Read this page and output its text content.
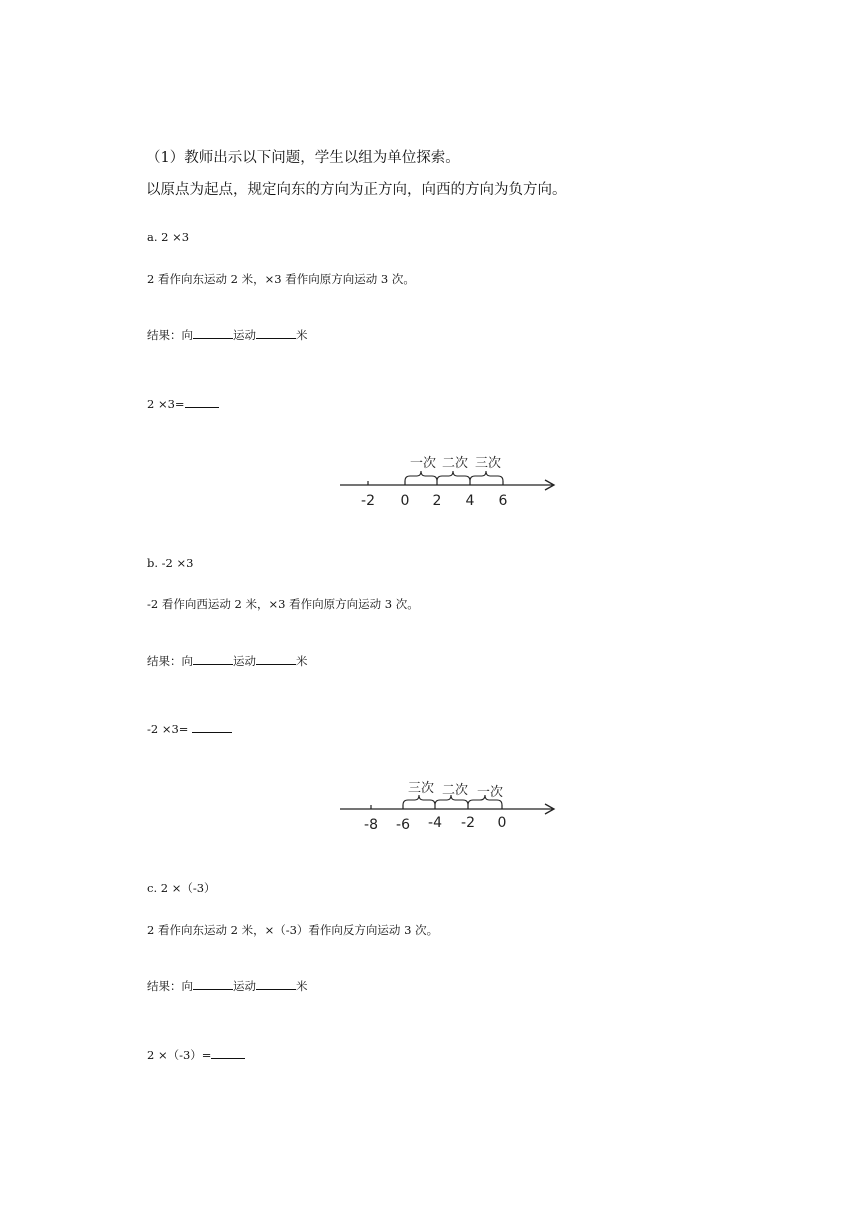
（1）教师出示以下问题，学生以组为单位探索。
以原点为起点，规定向东的方向为正方向，向西的方向为负方向。
a. 2 ×3
2 看作向东运动 2 米，×3 看作向原方向运动 3 次。
结果：向	运动	米
2 ×3=
一次 二次 三次
-2 0 2 4 6
b. -2 ×3
-2 看作向西运动 2 米，×3 看作向原方向运动 3 次。
结果：向	运动	米
-2 ×3=
三次 二次 一次
-8 -6 -4 -2 0
c. 2 ×（-3）
2 看作向东运动 2 米，×（-3）看作向反方向运动 3 次。
结果：向	运动	米
2 ×（-3）=
